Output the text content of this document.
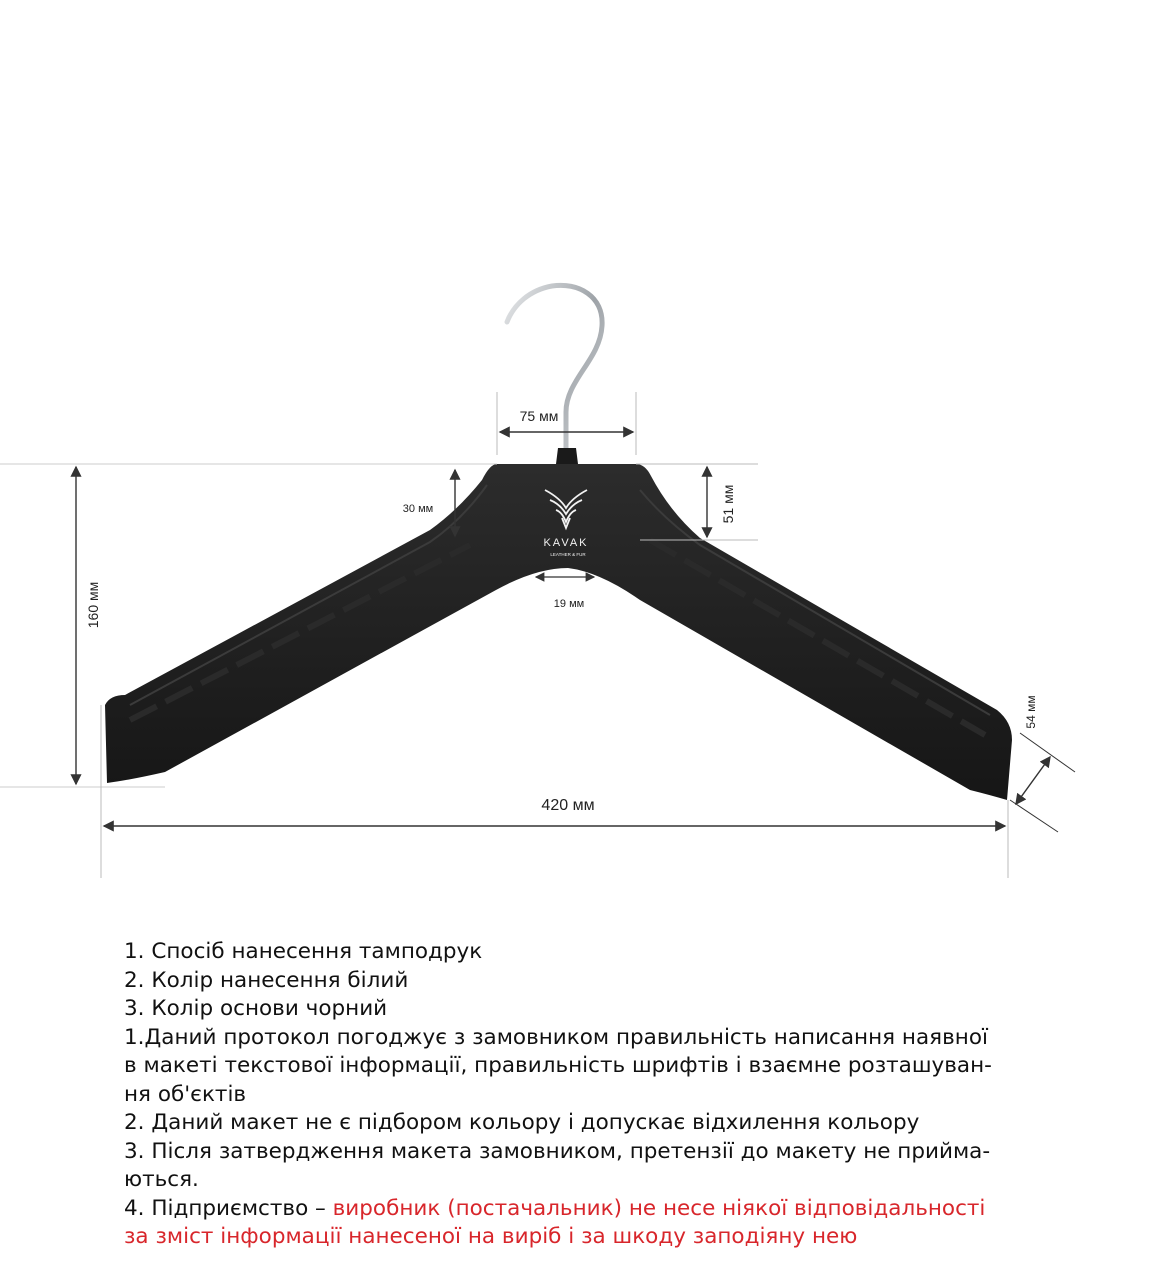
KAVAK
LEATHER & FUR
75 мм
30 мм	51 мм
160 мм	19 мм
54 мм
420 мм

1. Спосіб нанесення тамподрук

2. Колір нанесення білий

3. Колір основи чорний

1.Даний протокол погоджує з замовником правильність написання наявної

в макеті текстової інформації, правильність шрифтів і взаємне розташуван-

ня об'єктів

2. Даний макет не є підбором кольору і допускає відхилення кольору

3. Після затвердження макета замовником, претензії до макету не прийма-

ються.

4. Підприємство – виробник (постачальник) не несе ніякої відповідальності

за зміст інформації нанесеної на виріб і за шкоду заподіяну нею
